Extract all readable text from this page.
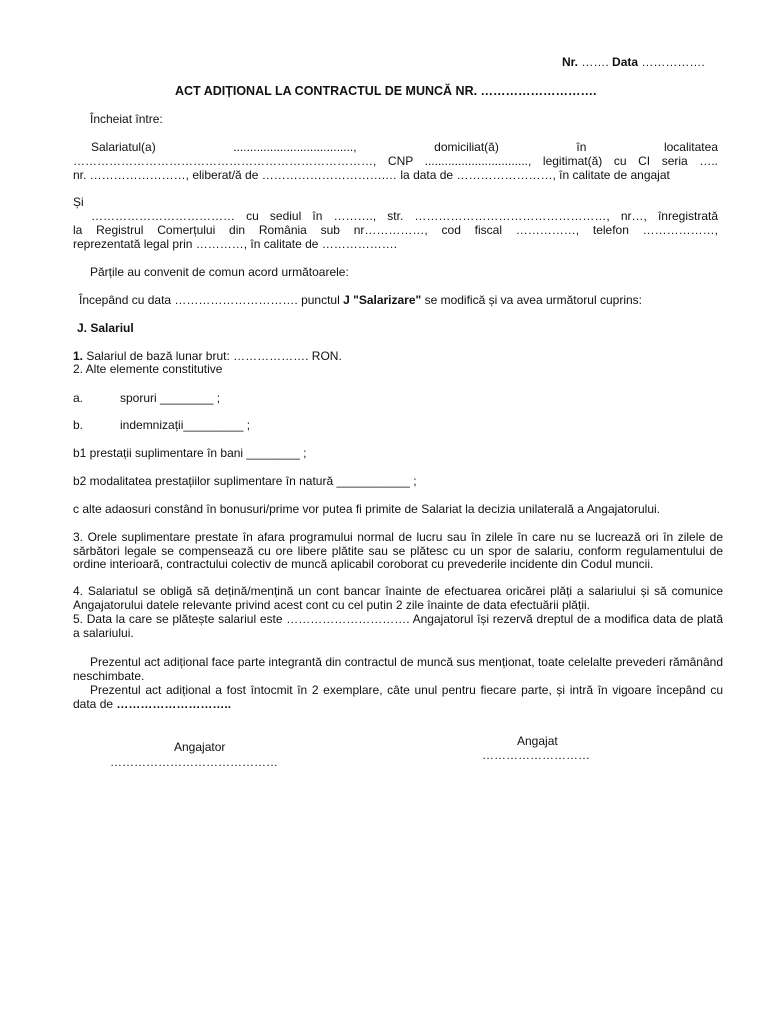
Nr. ……. Data …………….
ACT ADIȚIONAL LA CONTRACTUL DE MUNCĂ NR. ……………………….
Încheiat între:
Salariatul(a) ...................................., domiciliat(ă) în localitatea
…………………………………………………………………, CNP ..............................., legitimat(ă) cu CI seria …..
nr. ……………………, eliberat/ă de ………………………….… la data de ……………………, în calitate de angajat
Și
……………………………… cu sediul în ………., str. …………………………………………, nr…, înregistrată
la Registrul Comerțului din România sub nr……………, cod fiscal ……………, telefon ………………,
reprezentată legal prin …………, în calitate de ……………….
Părțile au convenit de comun acord următoarele:
Începând cu data …………………………. punctul J "Salarizare" se modifică și va avea următorul cuprins:
J. Salariul
1. Salariul de bază lunar brut: ………………. RON.
2. Alte elemente constitutive
a.	sporuri ________ ;
b.	indemnizații_________ ;
b1 prestații suplimentare în bani ________ ;
b2 modalitatea prestațiilor suplimentare în natură ___________ ;
c alte adaosuri constând în bonusuri/prime vor putea fi primite de Salariat la decizia unilaterală a Angajatorului.
3. Orele suplimentare prestate în afara programului normal de lucru sau în zilele în care nu se lucrează ori în zilele de sărbători legale se compensează cu ore libere plătite sau se plătesc cu un spor de salariu, conform regulamentului de ordine interioară, contractului colectiv de muncă aplicabil coroborat cu prevederile incidente din Codul muncii.
4. Salariatul se obligă să dețină/mențină un cont bancar înainte de efectuarea oricărei plăți a salariului și să comunice Angajatorului datele relevante privind acest cont cu cel putin 2 zile înainte de data efectuării plății.
5. Data la care se plătește salariul este …………………………. Angajatorul își rezervă dreptul de a modifica data de plată a salariului.
Prezentul act adițional face parte integrantă din contractul de muncă sus menționat, toate celelalte prevederi rămânând neschimbate.
Prezentul act adițional a fost întocmit în 2 exemplare, câte unul pentru fiecare parte, și intră în vigoare începând cu data de ………………………..
Angajator
……………………………………
Angajat
………………………
